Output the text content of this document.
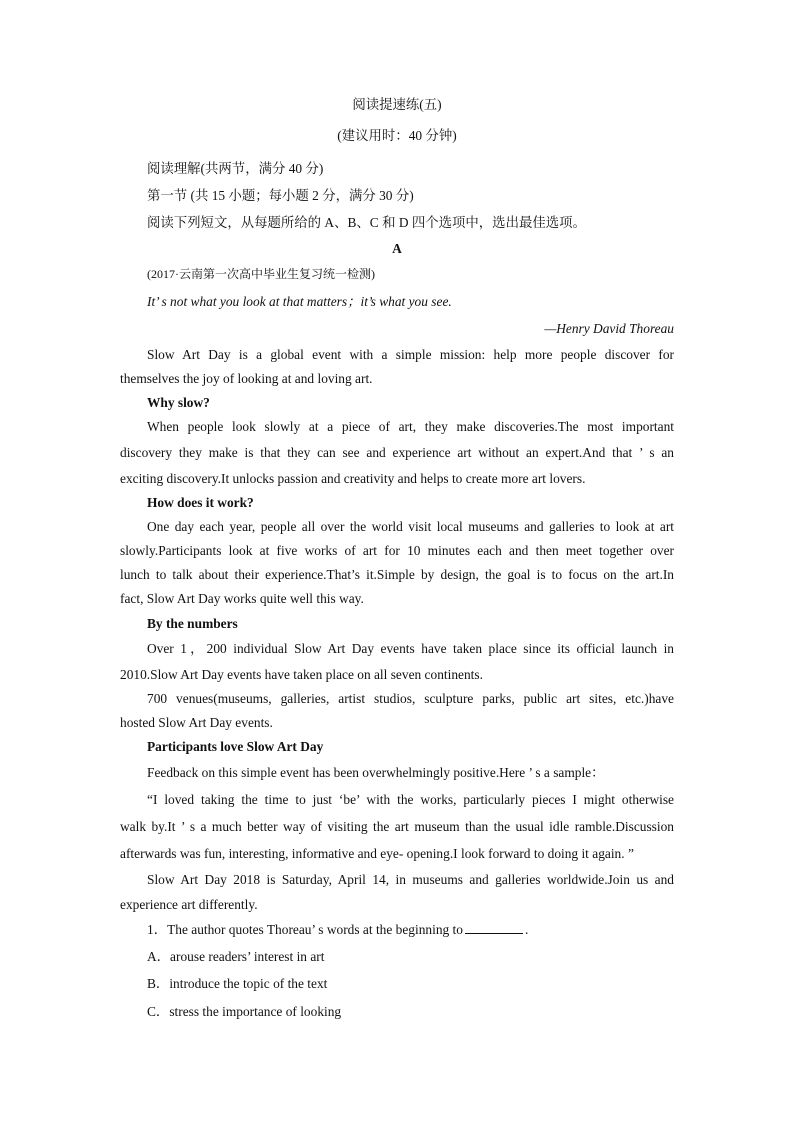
阅读提速练(五)
(建议用时：40 分钟)
阅读理解(共两节，满分 40 分)
第一节 (共 15 小题；每小题 2 分，满分 30 分)
阅读下列短文，从每题所给的 A、B、C 和 D 四个选项中，选出最佳选项。
A
(2017·云南第一次高中毕业生复习统一检测)
It’ s not what you look at that matters；it’s what you see.
—Henry David Thoreau
Slow Art Day is a global event with a simple mission: help more people discover for
themselves the joy of looking at and loving art.
Why slow?
When people look slowly at a piece of art, they make discoveries.The most important
discovery they make is that they can see and experience art without an expert.And that ’ s an
exciting discovery.It unlocks passion and creativity and helps to create more art lovers.
How does it work?
One day each year, people all over the world visit local museums and galleries to look at art
slowly.Participants look at five works of art for 10 minutes each and then meet together over
lunch to talk about their experience.That’s it.Simple by design, the goal is to focus on the art.In
fact, Slow Art Day works quite well this way.
By the numbers
Over 1，200 individual Slow Art Day events have taken place since its official launch in
2010.Slow Art Day events have taken place on all seven continents.
700 venues(museums, galleries, artist studios, sculpture parks, public art sites, etc.)have
hosted Slow Art Day events.
Participants love Slow Art Day
Feedback on this simple event has been overwhelmingly positive.Here ’ s a sample：
“I loved taking the time to just ‘be’ with the works, particularly pieces I might otherwise
walk by.It ’ s a much better way of visiting the art museum than the usual idle ramble.Discussion
afterwards was fun, interesting, informative and eye- opening.I look forward to doing it again. ”
Slow Art Day 2018 is Saturday, April 14, in museums and galleries worldwide.Join us and
experience art differently.
1．The author quotes Thoreau’ s words at the beginning to	.
A．arouse readers’ interest in art
B．introduce the topic of the text
C．stress the importance of looking
